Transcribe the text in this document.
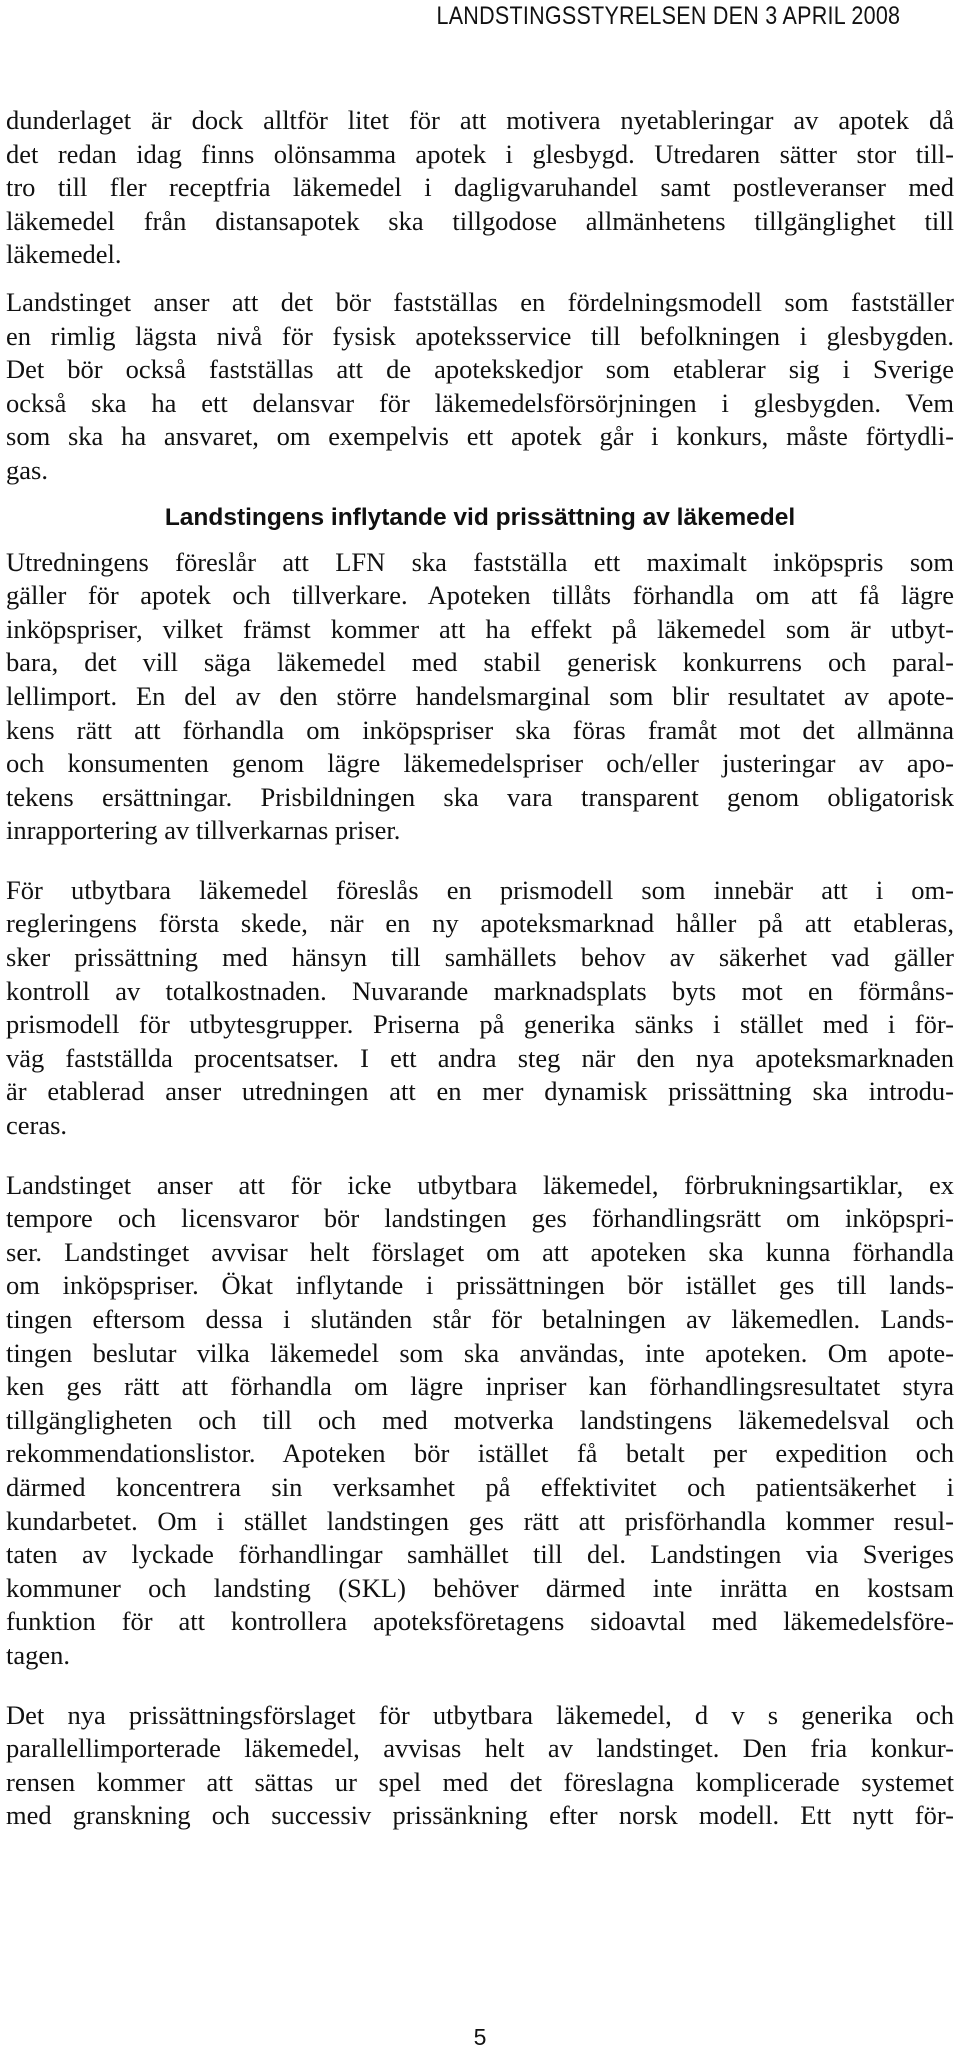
LANDSTINGSSTYRELSEN DEN 3 APRIL 2008
dunderlaget är dock alltför litet för att motivera nyetableringar av apotek då
det redan idag finns olönsamma apotek i glesbygd. Utredaren sätter stor till-
tro till fler receptfria läkemedel i dagligvaruhandel samt postleveranser med
läkemedel från distansapotek ska tillgodose allmänhetens tillgänglighet till
läkemedel.
Landstinget anser att det bör fastställas en fördelningsmodell som fastställer
en rimlig lägsta nivå för fysisk apoteksservice till befolkningen i glesbygden.
Det bör också fastställas att de apotekskedjor som etablerar sig i Sverige
också ska ha ett delansvar för läkemedelsförsörjningen i glesbygden. Vem
som ska ha ansvaret, om exempelvis ett apotek går i konkurs, måste förtydli-
gas.
Landstingens inflytande vid prissättning av läkemedel
Utredningens föreslår att LFN ska fastställa ett maximalt inköpspris som
gäller för apotek och tillverkare. Apoteken tillåts förhandla om att få lägre
inköpspriser, vilket främst kommer att ha effekt på läkemedel som är utbyt-
bara, det vill säga läkemedel med stabil generisk konkurrens och paral-
lellimport. En del av den större handelsmarginal som blir resultatet av apote-
kens rätt att förhandla om inköpspriser ska föras framåt mot det allmänna
och konsumenten genom lägre läkemedelspriser och/eller justeringar av apo-
tekens ersättningar. Prisbildningen ska vara transparent genom obligatorisk
inrapportering av tillverkarnas priser.
För utbytbara läkemedel föreslås en prismodell som innebär att i om-
regleringens första skede, när en ny apoteksmarknad håller på att etableras,
sker prissättning med hänsyn till samhällets behov av säkerhet vad gäller
kontroll av totalkostnaden. Nuvarande marknadsplats byts mot en förmåns-
prismodell för utbytesgrupper. Priserna på generika sänks i stället med i för-
väg fastställda procentsatser. I ett andra steg när den nya apoteksmarknaden
är etablerad anser utredningen att en mer dynamisk prissättning ska introdu-
ceras.
Landstinget anser att för icke utbytbara läkemedel, förbrukningsartiklar, ex
tempore och licensvaror bör landstingen ges förhandlingsrätt om inköpspri-
ser. Landstinget avvisar helt förslaget om att apoteken ska kunna förhandla
om inköpspriser. Ökat inflytande i prissättningen bör istället ges till lands-
tingen eftersom dessa i slutänden står för betalningen av läkemedlen. Lands-
tingen beslutar vilka läkemedel som ska användas, inte apoteken. Om apote-
ken ges rätt att förhandla om lägre inpriser kan förhandlingsresultatet styra
tillgängligheten och till och med motverka landstingens läkemedelsval och
rekommendationslistor. Apoteken bör istället få betalt per expedition och
därmed koncentrera sin verksamhet på effektivitet och patientsäkerhet i
kundarbetet. Om i stället landstingen ges rätt att prisförhandla kommer resul-
taten av lyckade förhandlingar samhället till del. Landstingen via Sveriges
kommuner och landsting (SKL) behöver därmed inte inrätta en kostsam
funktion för att kontrollera apoteksföretagens sidoavtal med läkemedelsföre-
tagen.
Det nya prissättningsförslaget för utbytbara läkemedel, d v s generika och
parallellimporterade läkemedel, avvisas helt av landstinget. Den fria konkur-
rensen kommer att sättas ur spel med det föreslagna komplicerade systemet
med granskning och successiv prissänkning efter norsk modell. Ett nytt för-
5
